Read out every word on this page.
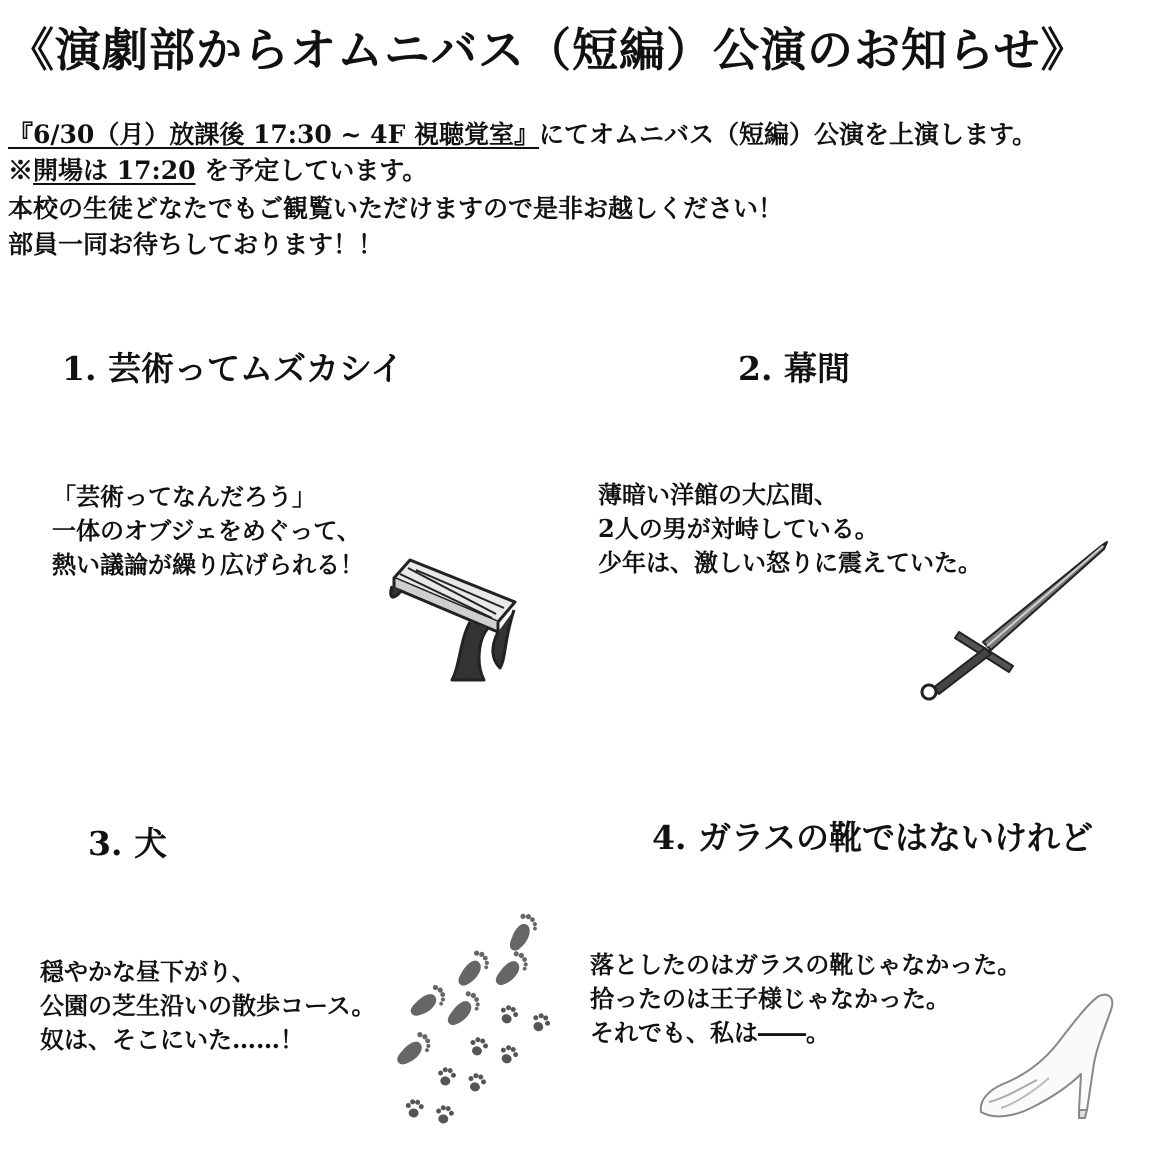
《演劇部からオムニバス（短編）公演のお知らせ》
『6/30（月）放課後 17:30 ~ 4F 視聴覚室』にてオムニバス（短編）公演を上演します。
※開場は 17:20 を予定しています。
本校の生徒どなたでもご観覧いただけますので是非お越しください！
部員一同お待ちしております！！
1. 芸術ってムズカシイ
「芸術ってなんだろう」
一体のオブジェをめぐって、
熱い議論が繰り広げられる！
2. 幕間
薄暗い洋館の大広間、
2人の男が対峙している。
少年は、激しい怒りに震えていた。
3. 犬
穏やかな昼下がり、
公園の芝生沿いの散歩コース。
奴は、そこにいた……！
4. ガラスの靴ではないけれど
落としたのはガラスの靴じゃなかった。
拾ったのは王子様じゃなかった。
それでも、私は――。
